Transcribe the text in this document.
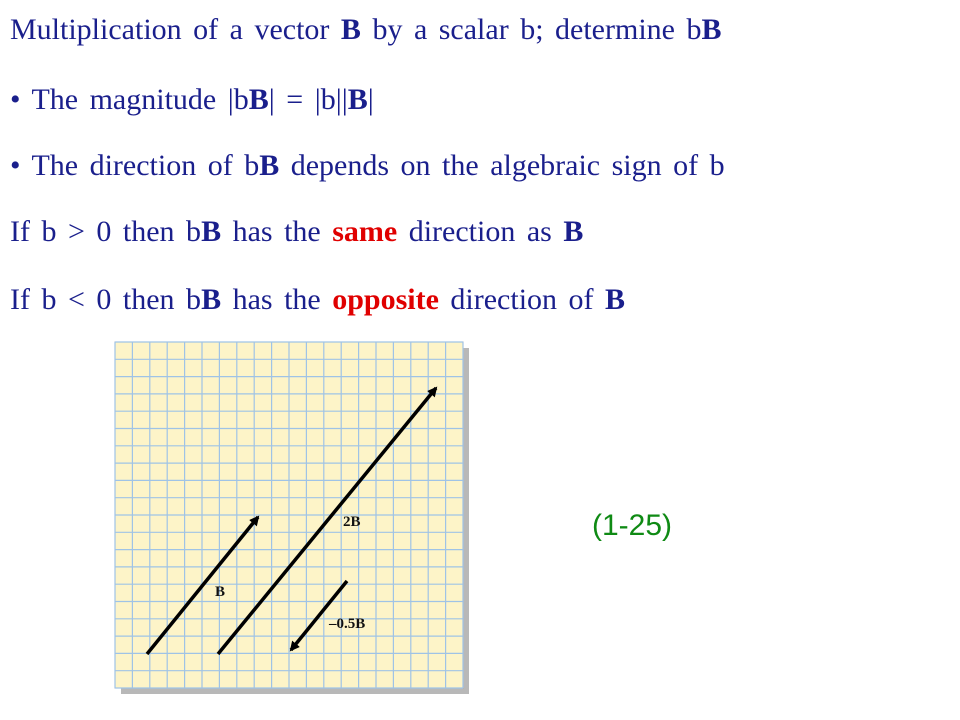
Multiplication of a vector B by a scalar b; determine bB
• The magnitude |bB| = |b||B|
• The direction of bB depends on the algebraic sign of b
If b > 0 then bB has the same direction as B
If b < 0 then bB has the opposite direction of B
B
2B
–0.5B
(1-25)
